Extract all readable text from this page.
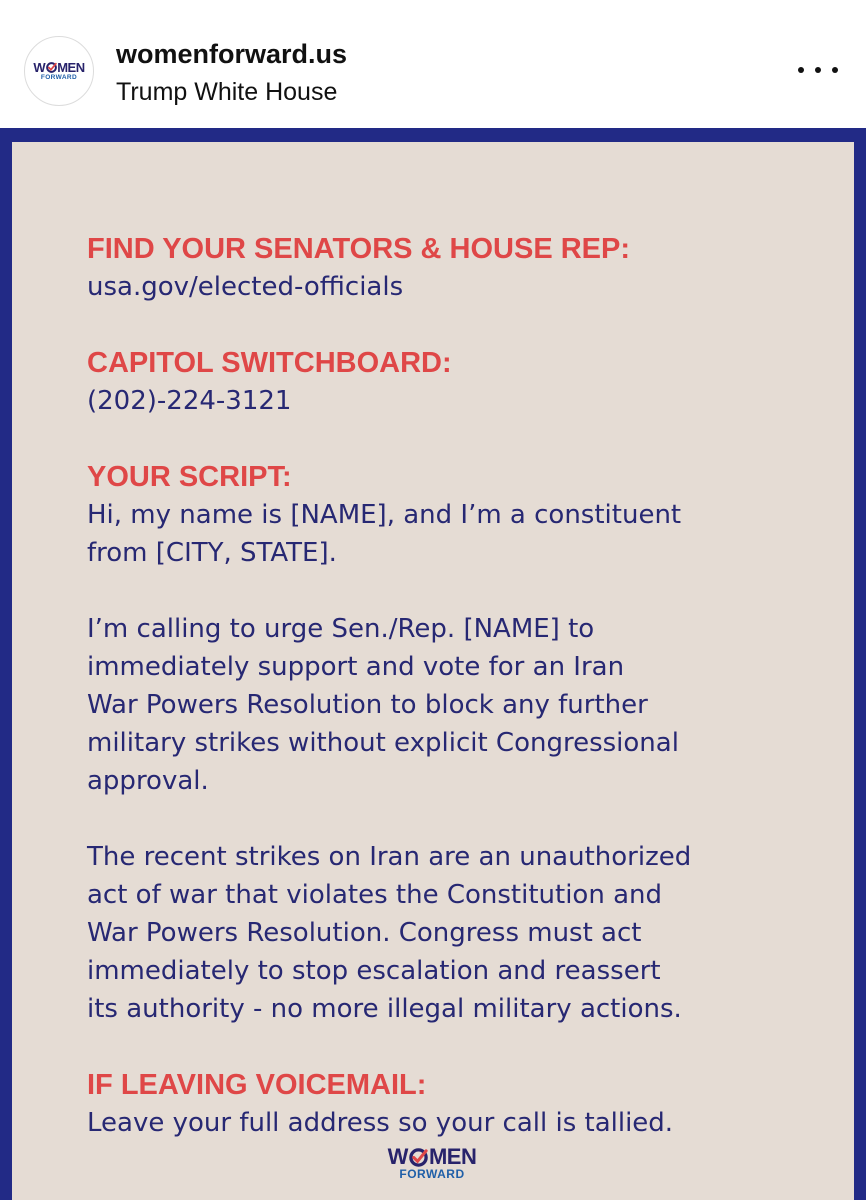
W MEN
FORWARD
womenforward.us
Trump White House
FIND YOUR SENATORS & HOUSE REP:
usa.gov/elected-officials
CAPITOL SWITCHBOARD:
(202)-224-3121
YOUR SCRIPT:
Hi, my name is [NAME], and I’m a constituent
from [CITY, STATE].
I’m calling to urge Sen./Rep. [NAME] to
immediately support and vote for an Iran
War Powers Resolution to block any further
military strikes without explicit Congressional
approval.
The recent strikes on Iran are an unauthorized
act of war that violates the Constitution and
War Powers Resolution. Congress must act
immediately to stop escalation and reassert
its authority - no more illegal military actions.
IF LEAVING VOICEMAIL:
Leave your full address so your call is tallied.
W MEN
FORWARD
